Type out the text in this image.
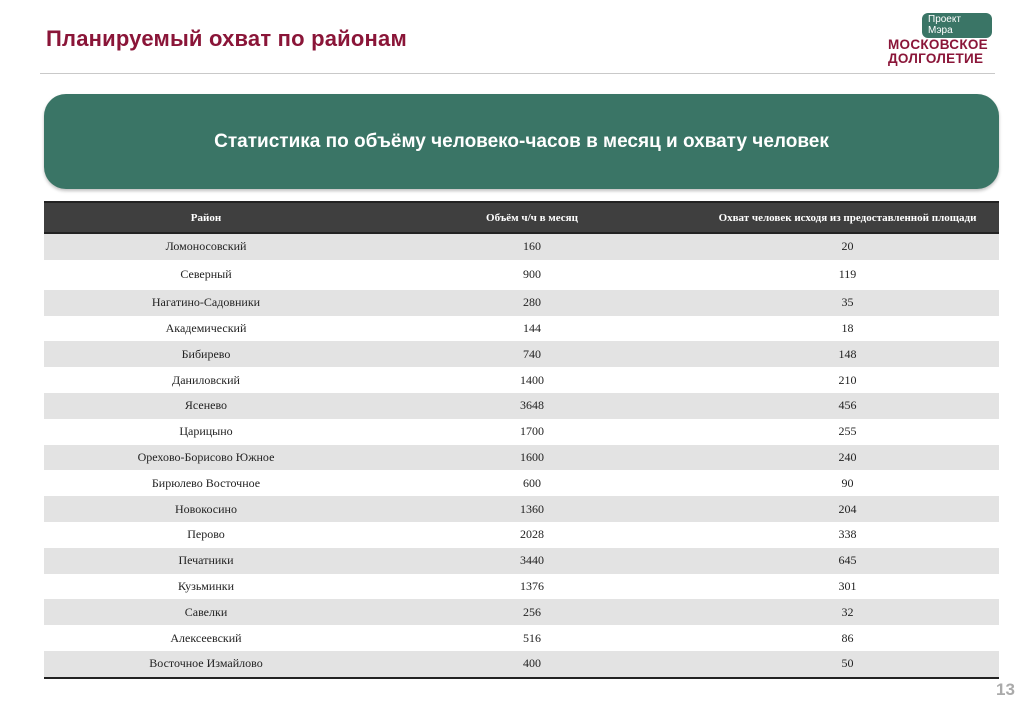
Планируемый охват по районам
Проект Мэра
МОСКОВСКОЕ
ДОЛГОЛЕТИЕ
Статистика по объёму человеко-часов в месяц и охвату человек
Район	Объём ч/ч в месяц	Охват человек исходя из предоставленной площади
Ломоносовский	160	20
Северный	900	119
Нагатино-Садовники	280	35
Академический	144	18
Бибирево	740	148
Даниловский	1400	210
Ясенево	3648	456
Царицыно	1700	255
Орехово-Борисово Южное	1600	240
Бирюлево Восточное	600	90
Новокосино	1360	204
Перово	2028	338
Печатники	3440	645
Кузьминки	1376	301
Савелки	256	32
Алексеевский	516	86
Восточное Измайлово	400	50
13
